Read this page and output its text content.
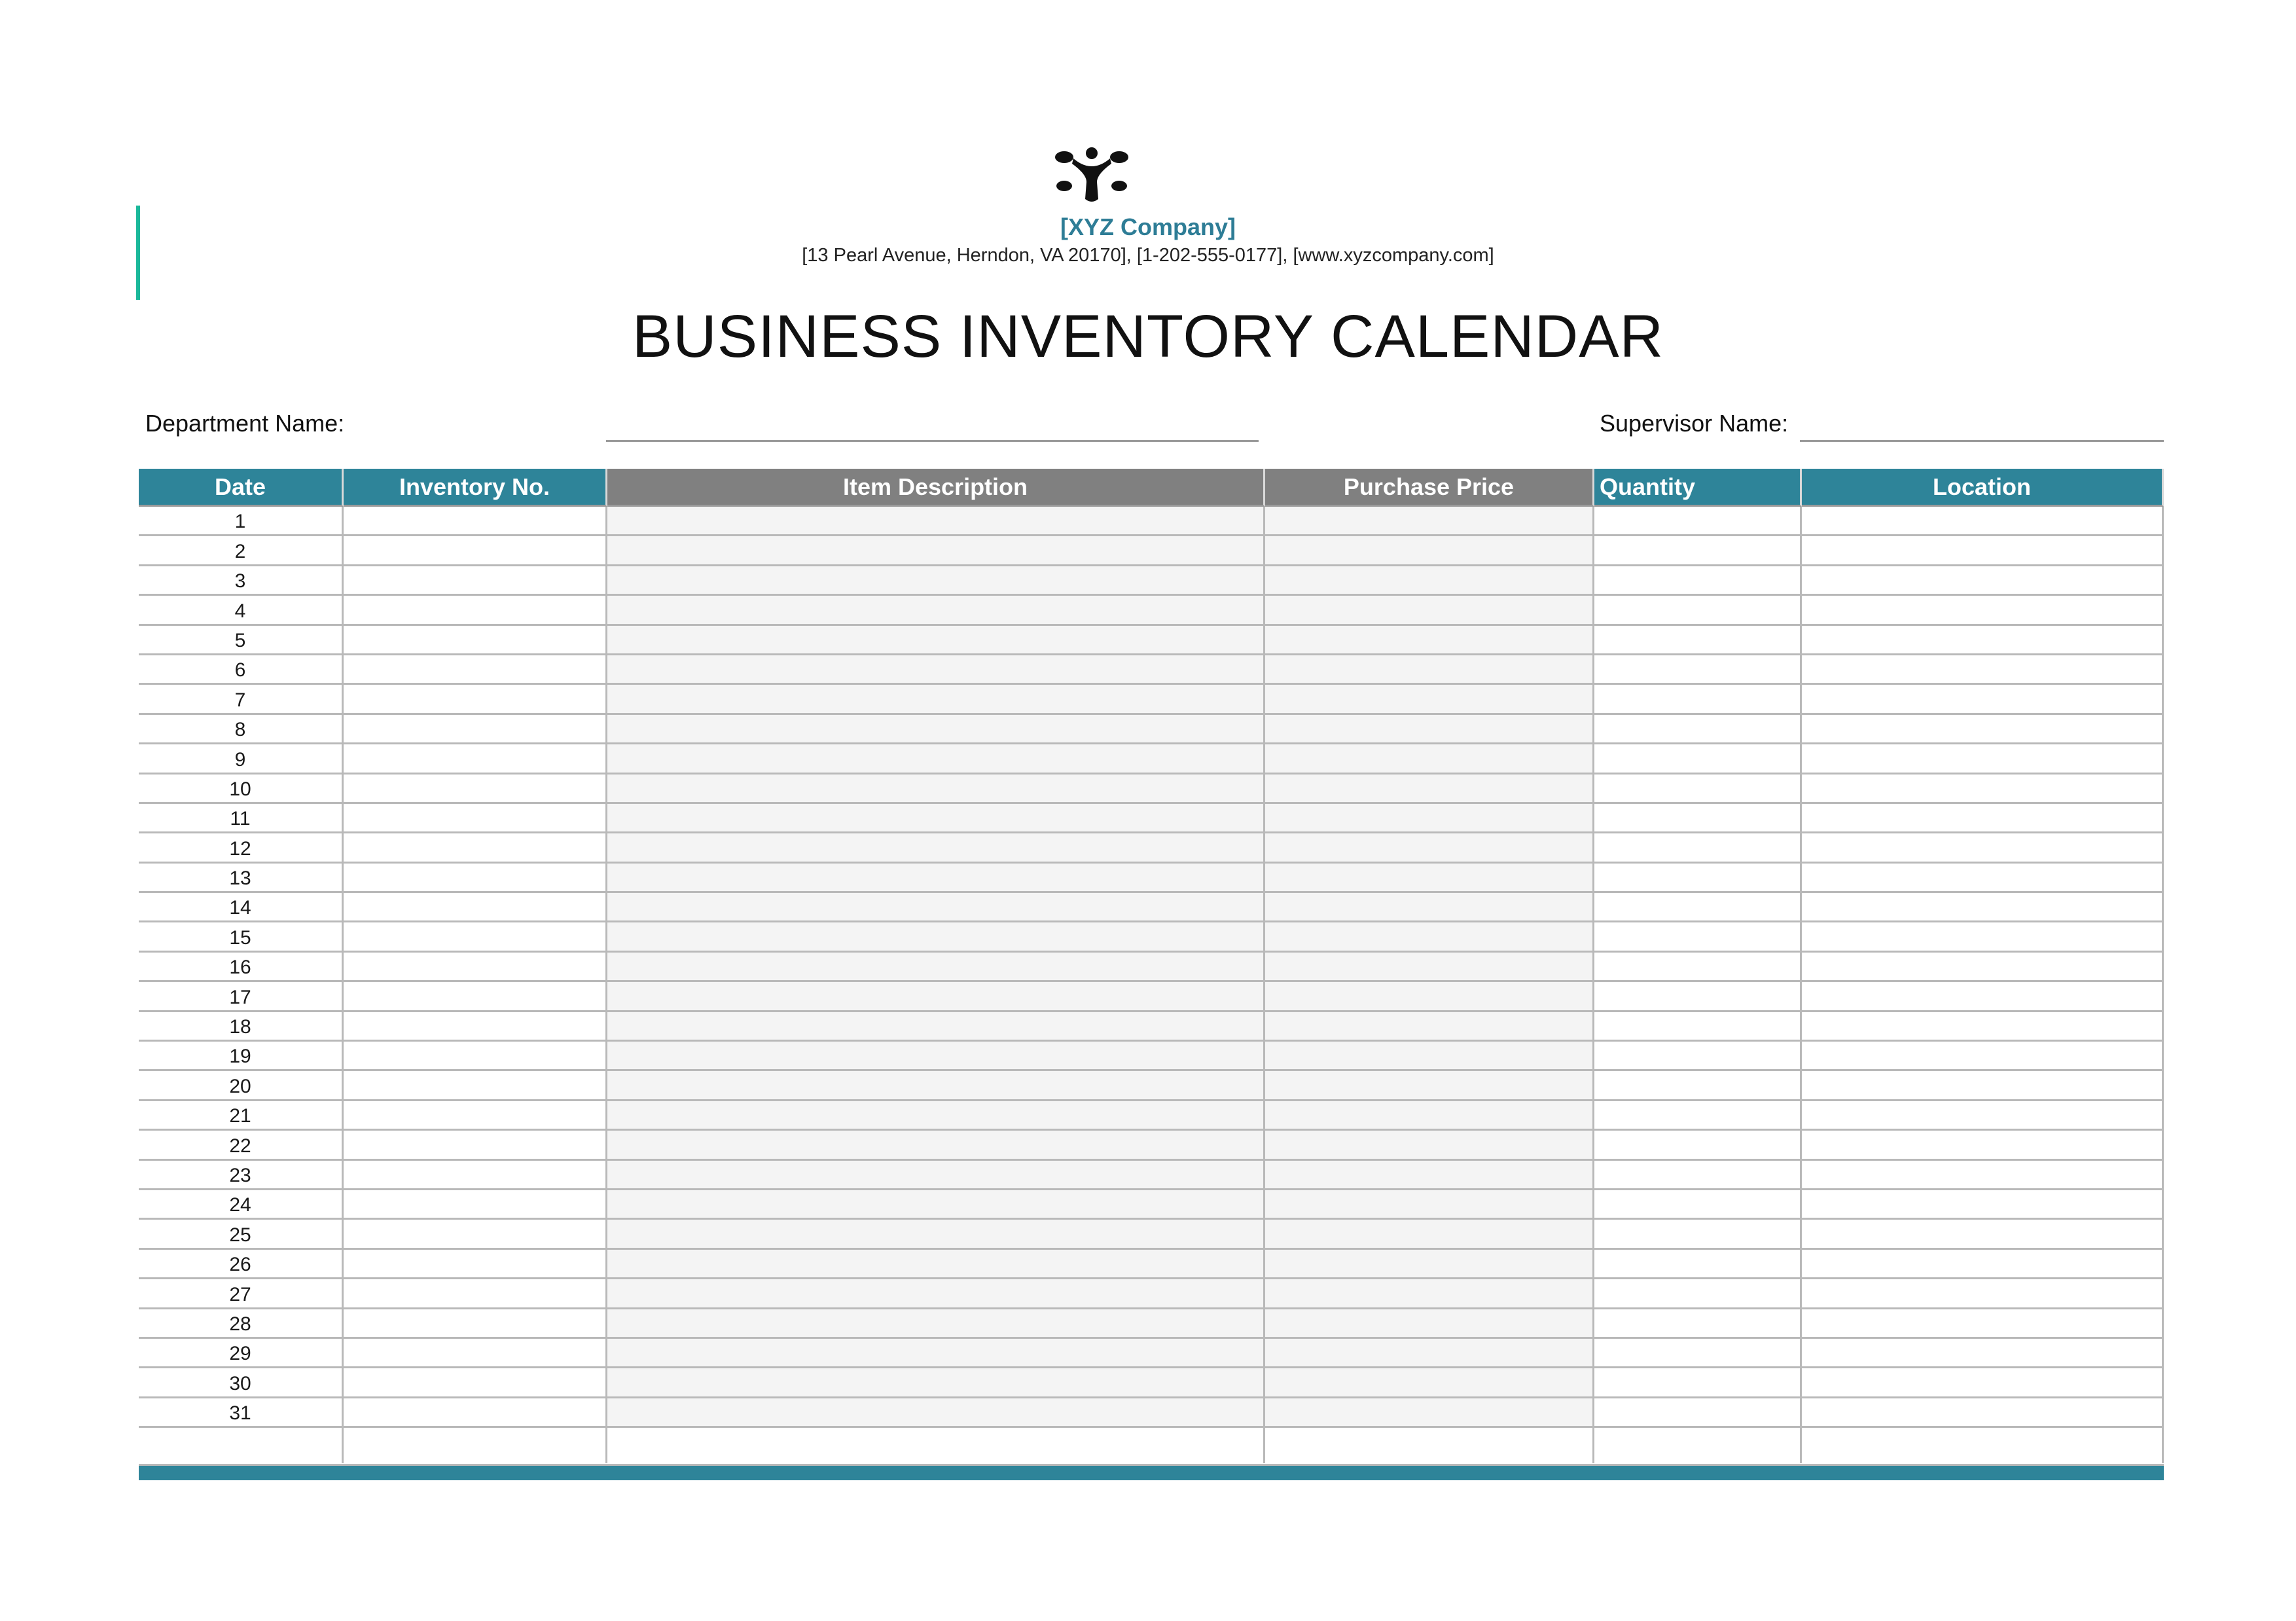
[XYZ Company]
[13 Pearl Avenue, Herndon, VA 20170], [1-202-555-0177], [www.xyzcompany.com]
BUSINESS INVENTORY CALENDAR
Department Name:	Supervisor Name:
Date	Inventory No.	Item Description	Purchase Price	Quantity	Location
1
2
3
4
5
6
7
8
9
10
11
12
13
14
15
16
17
18
19
20
21
22
23
24
25
26
27
28
29
30
31
